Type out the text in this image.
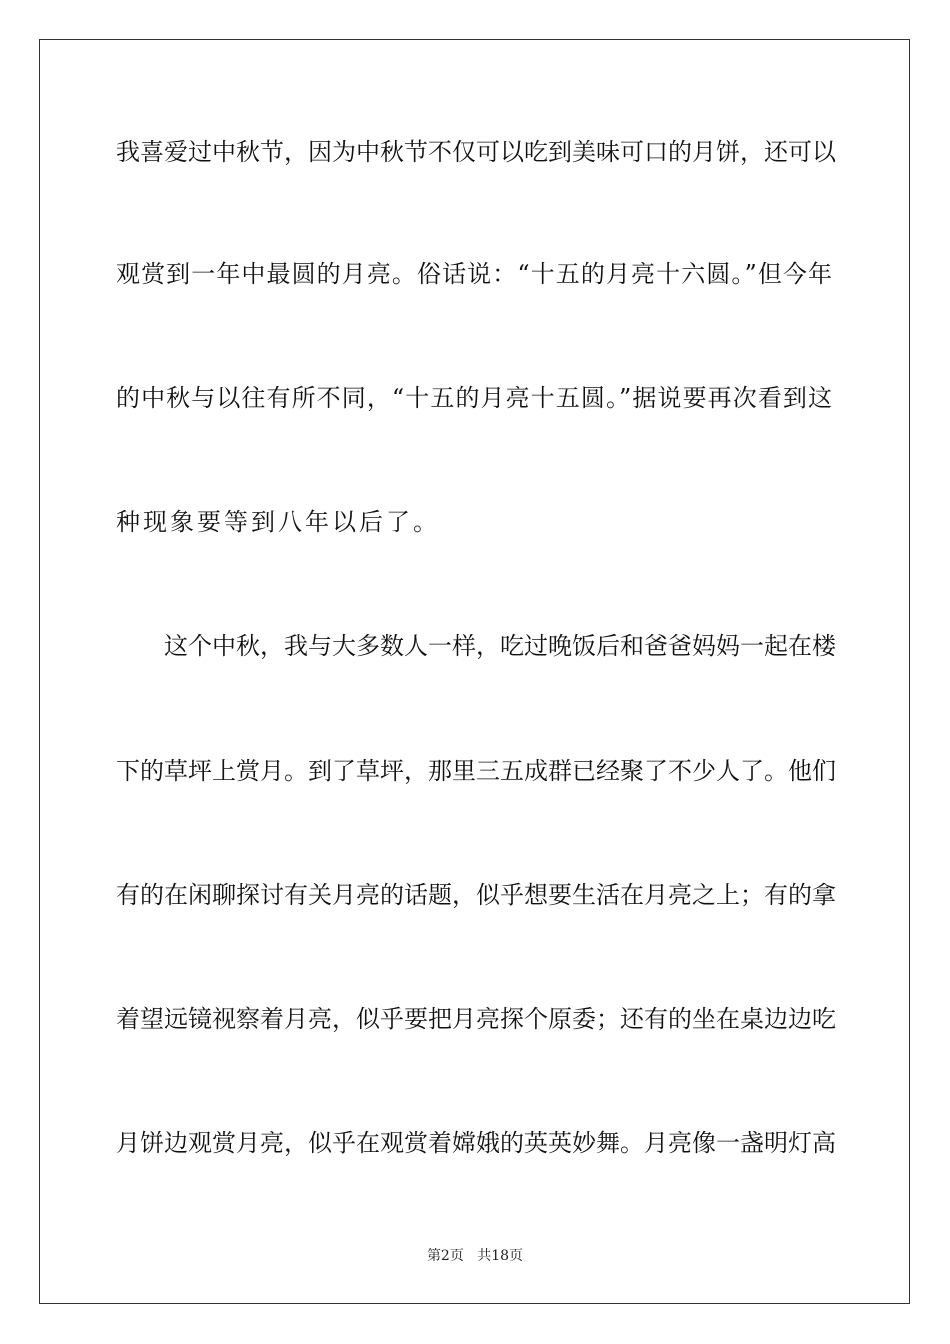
我喜爱过中秋节，因为中秋节不仅可以吃到美味可口的月饼，还可以
观赏到一年中最圆的月亮。俗话说：“十五的月亮十六圆。”但今年
的中秋与以往有所不同，“十五的月亮十五圆。”据说要再次看到这
种现象要等到八年以后了。
这个中秋，我与大多数人一样，吃过晚饭后和爸爸妈妈一起在楼
下的草坪上赏月。到了草坪，那里三五成群已经聚了不少人了。他们
有的在闲聊探讨有关月亮的话题，似乎想要生活在月亮之上；有的拿
着望远镜视察着月亮，似乎要把月亮探个原委；还有的坐在桌边边吃
月饼边观赏月亮，似乎在观赏着嫦娥的英英妙舞。月亮像一盏明灯高
第2页 共18页
